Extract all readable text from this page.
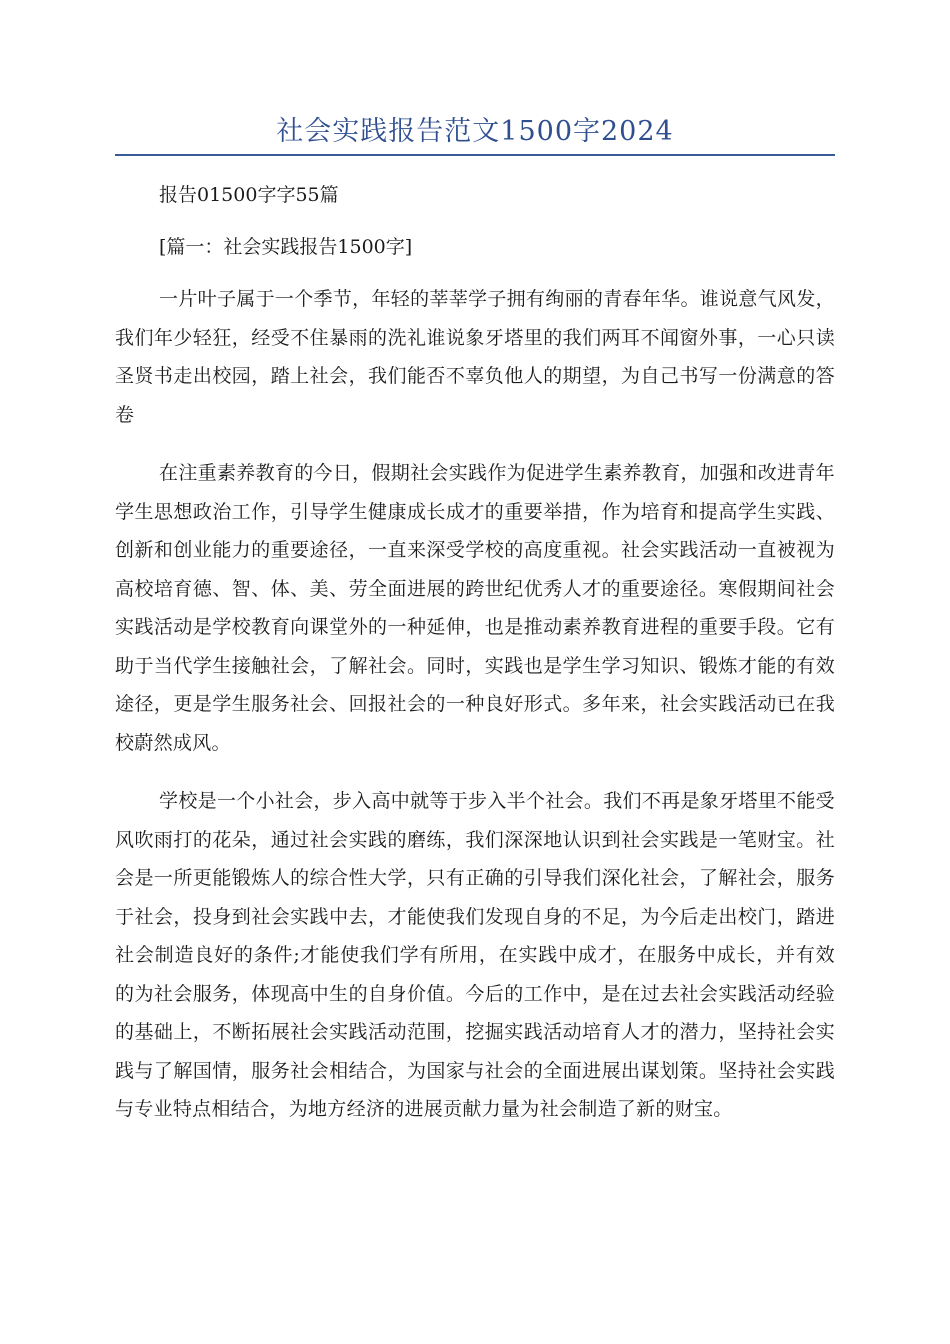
社会实践报告范文1500字2024

报告01500字字55篇

[篇一：社会实践报告1500字]

一片叶子属于一个季节，年轻的莘莘学子拥有绚丽的青春年华。谁说意气风发，我们年少轻狂，经受不住暴雨的洗礼谁说象牙塔里的我们两耳不闻窗外事，一心只读圣贤书走出校园，踏上社会，我们能否不辜负他人的期望，为自己书写一份满意的答卷

在注重素养教育的今日，假期社会实践作为促进学生素养教育，加强和改进青年学生思想政治工作，引导学生健康成长成才的重要举措，作为培育和提高学生实践、创新和创业能力的重要途径，一直来深受学校的高度重视。社会实践活动一直被视为高校培育德、智、体、美、劳全面进展的跨世纪优秀人才的重要途径。寒假期间社会实践活动是学校教育向课堂外的一种延伸，也是推动素养教育进程的重要手段。它有助于当代学生接触社会，了解社会。同时，实践也是学生学习知识、锻炼才能的有效途径，更是学生服务社会、回报社会的一种良好形式。多年来，社会实践活动已在我校蔚然成风。

学校是一个小社会，步入高中就等于步入半个社会。我们不再是象牙塔里不能受风吹雨打的花朵，通过社会实践的磨练，我们深深地认识到社会实践是一笔财宝。社会是一所更能锻炼人的综合性大学，只有正确的引导我们深化社会，了解社会，服务于社会，投身到社会实践中去，才能使我们发现自身的不足，为今后走出校门，踏进社会制造良好的条件;才能使我们学有所用，在实践中成才，在服务中成长，并有效的为社会服务，体现高中生的自身价值。今后的工作中，是在过去社会实践活动经验的基础上，不断拓展社会实践活动范围，挖掘实践活动培育人才的潜力，坚持社会实践与了解国情，服务社会相结合，为国家与社会的全面进展出谋划策。坚持社会实践与专业特点相结合，为地方经济的进展贡献力量为社会制造了新的财宝。
